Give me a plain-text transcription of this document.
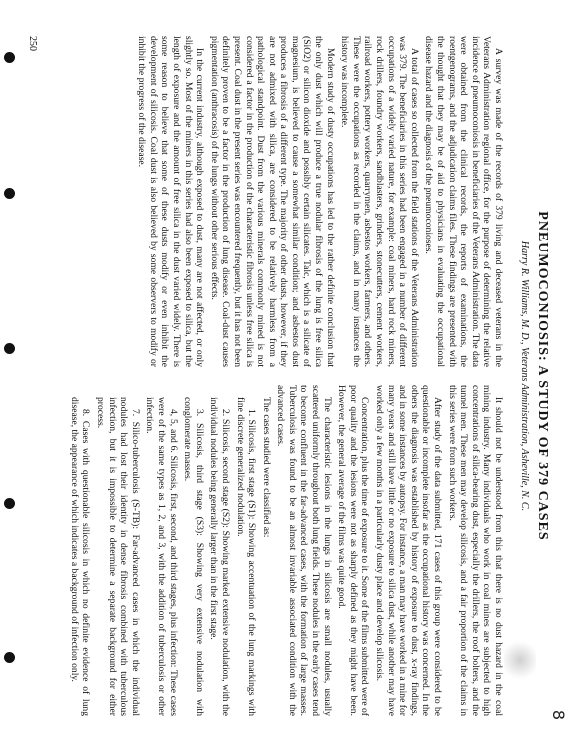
8
PNEUMOCONIOSIS: A STUDY OF 379 CASES
Harry R. Williams, M. D., Veterans Administration, Asheville, N. C.

A survey was made of the records of 379 living and deceased veterans in the Veterans Administration regional office, for the purpose of determining the relative incidence of pneumoconiosis in beneficiaries of the Veterans Administration. The data were obtained from the clinical records, the reports of examinations, the roentgenograms, and the adjudication claims files. These findings are presented with the thought that they may be of aid to physicians in evaluating the occupational disease hazard and the diagnosis of the pneumoconioses.

A total of cases so collected from the field stations of the Veterans Administration was 379. The beneficiaries in this series had been engaged in a number of different occupations of a widely varied nature, for example: coal miners, hard rock miners, rock drillers, foundry workers, sandblasters, grinders, stonecutters, cement workers, railroad workers, pottery workers, quarrymen, asbestos workers, farmers, and others. These were the occupations as recorded in the claims, and in many instances the history was incomplete.

Modern study of dusty occupations has led to the rather definite conclusion that the only dust which will produce a true nodular fibrosis of the lung is free silica (SiO2) or silicon dioxide and possibly certain silicates. Talc, which is a silicate of magnesium, is believed to cause a somewhat similar condition; and asbestos dust produces a fibrosis of a different type. The majority of other dusts, however, if they are not admixed with silica, are considered to be relatively harmless from a pathological standpoint. Dust from the various minerals commonly mined is not considered a factor in the production of the characteristic fibrosis unless free silica is present. Coal dust in the present series was encountered frequently, but it has not been definitely proven to be a factor in the production of lung disease. Coal-dust causes pigmentation (anthracosis) of the lungs without other serious effects.

In the current industry, although exposed to dust, many are not affected, or only slightly so. Most of the miners in this series had also been exposed to silica, but the length of exposure and the amount of free silica in the dust varied widely. There is some reason to believe that some of these dusts modify or even inhibit the development of silicosis. Coal dust is also believed by some observers to modify or inhibit the progress of the disease.

It should not be understood from this that there is no dust hazard in the coal mining industry. Many individuals who work in coal mines are subjected to high concentrations of silica-bearing dust, especially the drillers, the roof bolters, and the tunnel men. These men may develop silicosis, and a fair proportion of the claims in this series were from such workers.

After study of the data submitted, 171 cases of this group were considered to be questionable or incomplete insofar as the occupational history was concerned. In the others the diagnosis was established by history of exposure to dust, x-ray findings, and in some instances by autopsy. For instance, a man may have worked in a mine for many years and still have little or no exposure to silica dust, while another may have worked only a few months in a particularly dusty place and develop silicosis.

Concentration, plus the time of exposure to it. Some of the films submitted were of poor quality and the lesions were not as sharply defined as they might have been. However, the general average of the films was quite good.

The characteristic lesions in the lungs in silicosis are small nodules, usually scattered uniformly throughout both lung fields. These nodules in the early cases tend to become confluent in the far-advanced cases, with the formation of large masses. Tuberculosis was found to be an almost invariable associated condition with the advanced cases.

The cases studied were classified as:

1. Silicosis, first stage (S1): Showing accentuation of the lung markings with fine discrete generalized nodulation.

2. Silicosis, second stage (S2): Showing marked extensive nodulation, with the individual nodules being generally larger than in the first stage.

3. Silicosis, third stage (S3): Showing very extensive nodulation with conglomerate masses.

4, 5, and 6. Silicosis, first, second, and third stages, plus infection: These cases were of the same types as 1, 2, and 3, with the addition of tuberculosis or other infection.

7. Silico-tuberculosis (S-TB): Far-advanced cases in which the individual nodules had lost their identity in dense fibrosis combined with tuberculous infection, but it is impossible to determine a separate background for either process.

8. Cases with questionable silicosis in which no definite evidence of lung disease, the appearance of which indicates a background of infection only.

250
